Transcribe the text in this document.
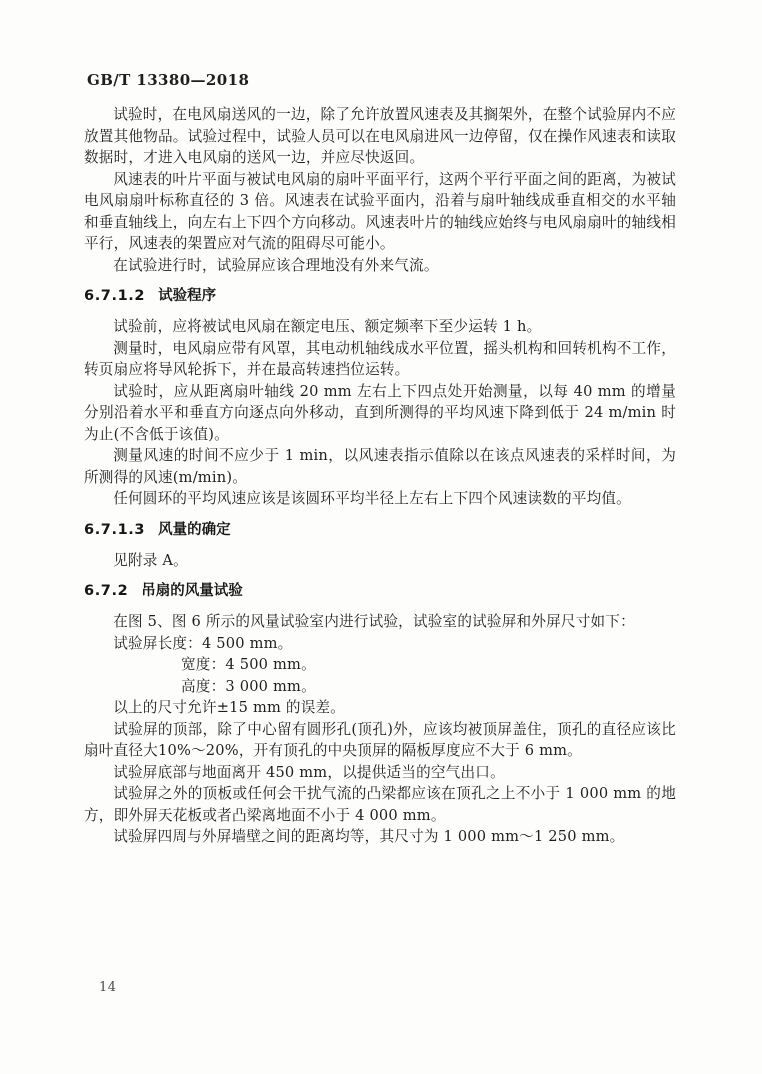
GB/T 13380—2018

试验时，在电风扇送风的一边，除了允许放置风速表及其搁架外，在整个试验屏内不应放置其他物品。试验过程中，试验人员可以在电风扇进风一边停留，仅在操作风速表和读取数据时，才进入电风扇的送风一边，并应尽快返回。

风速表的叶片平面与被试电风扇的扇叶平面平行，这两个平行平面之间的距离，为被试电风扇扇叶标称直径的 3 倍。风速表在试验平面内，沿着与扇叶轴线成垂直相交的水平轴和垂直轴线上，向左右上下四个方向移动。风速表叶片的轴线应始终与电风扇扇叶的轴线相平行，风速表的架置应对气流的阻碍尽可能小。

在试验进行时，试验屏应该合理地没有外来气流。

6.7.1.2 试验程序

试验前，应将被试电风扇在额定电压、额定频率下至少运转 1 h。

测量时，电风扇应带有风罩，其电动机轴线成水平位置，摇头机构和回转机构不工作，转页扇应将导风轮拆下，并在最高转速挡位运转。

试验时，应从距离扇叶轴线 20 mm 左右上下四点处开始测量，以每 40 mm 的增量分别沿着水平和垂直方向逐点向外移动，直到所测得的平均风速下降到低于 24 m/min 时为止(不含低于该值)。

测量风速的时间不应少于 1 min，以风速表指示值除以在该点风速表的采样时间，为所测得的风速(m/min)。

任何圆环的平均风速应该是该圆环平均半径上左右上下四个风速读数的平均值。

6.7.1.3 风量的确定

见附录 A。

6.7.2 吊扇的风量试验

在图 5、图 6 所示的风量试验室内进行试验，试验室的试验屏和外屏尺寸如下：

试验屏长度：4 500 mm。

宽度：4 500 mm。

高度：3 000 mm。

以上的尺寸允许±15 mm 的误差。

试验屏的顶部，除了中心留有圆形孔(顶孔)外，应该均被顶屏盖住，顶孔的直径应该比扇叶直径大10%～20%，开有顶孔的中央顶屏的隔板厚度应不大于 6 mm。

试验屏底部与地面离开 450 mm，以提供适当的空气出口。

试验屏之外的顶板或任何会干扰气流的凸梁都应该在顶孔之上不小于 1 000 mm 的地方，即外屏天花板或者凸梁离地面不小于 4 000 mm。

试验屏四周与外屏墙壁之间的距离均等，其尺寸为 1 000 mm～1 250 mm。

14
